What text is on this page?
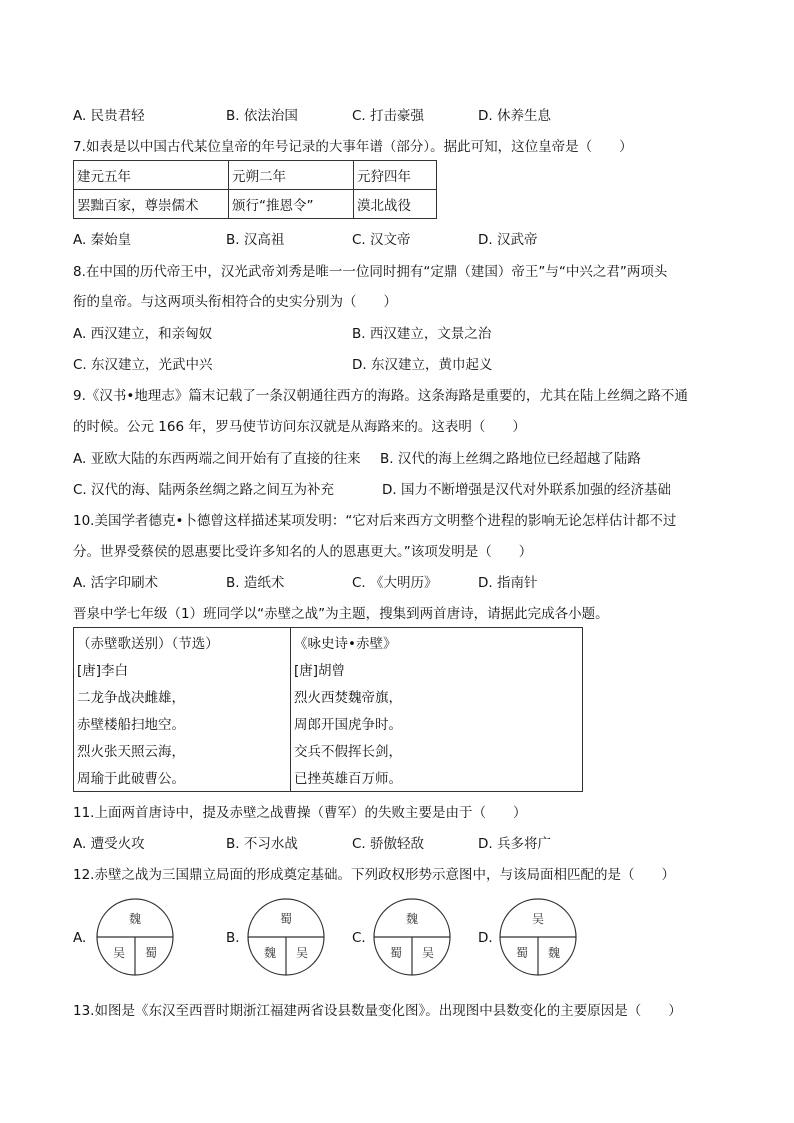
A. 民贵君轻	B. 依法治国	C. 打击豪强	D. 休养生息
7.如表是以中国古代某位皇帝的年号记录的大事年谱（部分）。据此可知，这位皇帝是（　　）
建元五年	元朔二年	元狩四年
罢黜百家，尊崇儒术	颁行“推恩令”	漠北战役
A. 秦始皇	B. 汉高祖	C. 汉文帝	D. 汉武帝
8.在中国的历代帝王中，汉光武帝刘秀是唯一一位同时拥有“定鼎（建国）帝王”与“中兴之君”两项头
衔的皇帝。与这两项头衔相符合的史实分别为（　　）
A. 西汉建立，和亲匈奴	B. 西汉建立，文景之治
C. 东汉建立，光武中兴	D. 东汉建立，黄巾起义
9.《汉书•地理志》篇末记载了一条汉朝通往西方的海路。这条海路是重要的，尤其在陆上丝绸之路不通
的时候。公元 166 年，罗马使节访问东汉就是从海路来的。这表明（　　）
A. 亚欧大陆的东西两端之间开始有了直接的往来 B. 汉代的海上丝绸之路地位已经超越了陆路
C. 汉代的海、陆两条丝绸之路之间互为补充	D. 国力不断增强是汉代对外联系加强的经济基础
10.美国学者德克•卜德曾这样描述某项发明：“它对后来西方文明整个进程的影响无论怎样估计都不过
分。世界受蔡侯的恩惠要比受许多知名的人的恩惠更大。”该项发明是（　　）
A. 活字印刷术	B. 造纸术	C. 《大明历》	D. 指南针
晋泉中学七年级（1）班同学以“赤壁之战”为主题，搜集到两首唐诗，请据此完成各小题。
（赤壁歌送别）（节选）
[唐]李白
二龙争战决雌雄，
赤壁楼船扫地空。
烈火张天照云海，
周瑜于此破曹公。
《咏史诗•赤壁》
[唐]胡曾
烈火西焚魏帝旗，
周郎开国虎争时。
交兵不假挥长剑，
已挫英雄百万师。
11.上面两首唐诗中，提及赤壁之战曹操（曹军）的失败主要是由于（　　）
A. 遭受火攻	B. 不习水战	C. 骄傲轻敌	D. 兵多将广
12.赤壁之战为三国鼎立局面的形成奠定基础。下列政权形势示意图中，与该局面相匹配的是（　　）
A.
魏
吴 蜀
B.
蜀
魏 吴
C.
魏
蜀 吴
D.
吴
蜀 魏
13.如图是《东汉至西晋时期浙江福建两省设县数量变化图》。出现图中县数变化的主要原因是（　　）
